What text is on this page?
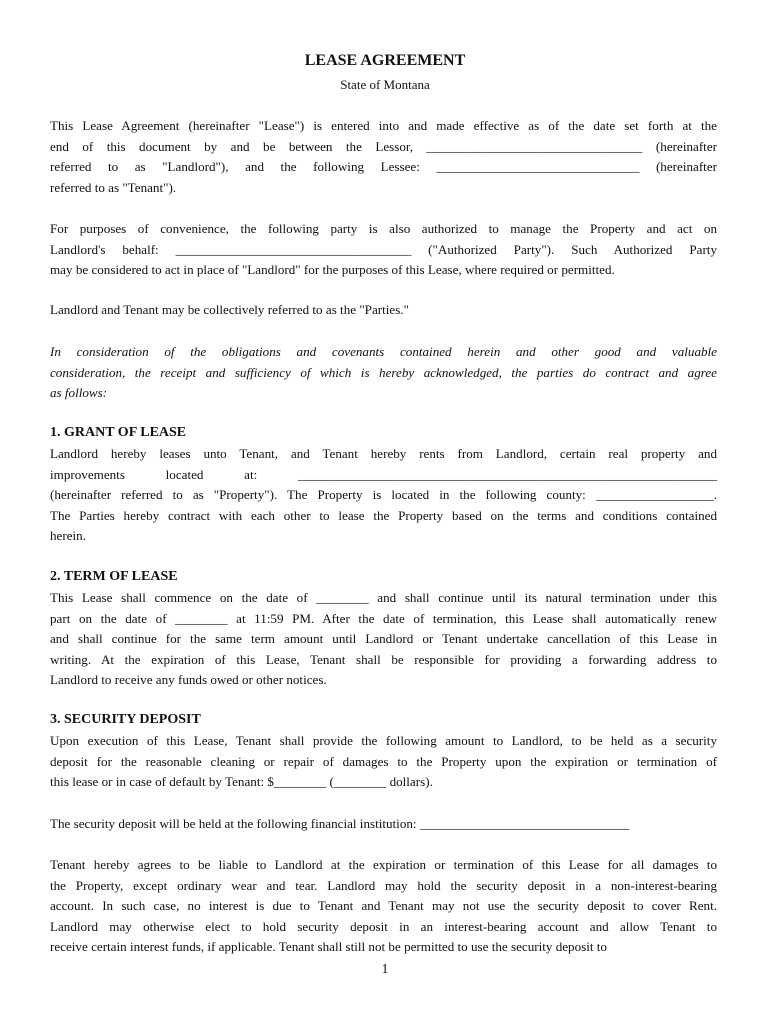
LEASE AGREEMENT
State of Montana
This Lease Agreement (hereinafter "Lease") is entered into and made effective as of the date set forth at the
end of this document by and be between the Lessor, _________________________________ (hereinafter
referred to as "Landlord"), and the following Lessee: _______________________________ (hereinafter
referred to as "Tenant").
For purposes of convenience, the following party is also authorized to manage the Property and act on
Landlord's behalf: ____________________________________ ("Authorized Party"). Such Authorized Party
may be considered to act in place of "Landlord" for the purposes of this Lease, where required or permitted.
Landlord and Tenant may be collectively referred to as the "Parties."
In consideration of the obligations and covenants contained herein and other good and valuable
consideration, the receipt and sufficiency of which is hereby acknowledged, the parties do contract and agree
as follows:
1. GRANT OF LEASE
Landlord hereby leases unto Tenant, and Tenant hereby rents from Landlord, certain real property and
improvements located at: ________________________________________________________________
(hereinafter referred to as "Property"). The Property is located in the following county: __________________.
The Parties hereby contract with each other to lease the Property based on the terms and conditions contained
herein.
2. TERM OF LEASE
This Lease shall commence on the date of ________ and shall continue until its natural termination under this
part on the date of ________ at 11:59 PM. After the date of termination, this Lease shall automatically renew
and shall continue for the same term amount until Landlord or Tenant undertake cancellation of this Lease in
writing. At the expiration of this Lease, Tenant shall be responsible for providing a forwarding address to
Landlord to receive any funds owed or other notices.
3. SECURITY DEPOSIT
Upon execution of this Lease, Tenant shall provide the following amount to Landlord, to be held as a security
deposit for the reasonable cleaning or repair of damages to the Property upon the expiration or termination of
this lease or in case of default by Tenant: $________ (________ dollars).
The security deposit will be held at the following financial institution: ________________________________
Tenant hereby agrees to be liable to Landlord at the expiration or termination of this Lease for all damages to
the Property, except ordinary wear and tear. Landlord may hold the security deposit in a non-interest-bearing
account. In such case, no interest is due to Tenant and Tenant may not use the security deposit to cover Rent.
Landlord may otherwise elect to hold security deposit in an interest-bearing account and allow Tenant to
receive certain interest funds, if applicable. Tenant shall still not be permitted to use the security deposit to
1
